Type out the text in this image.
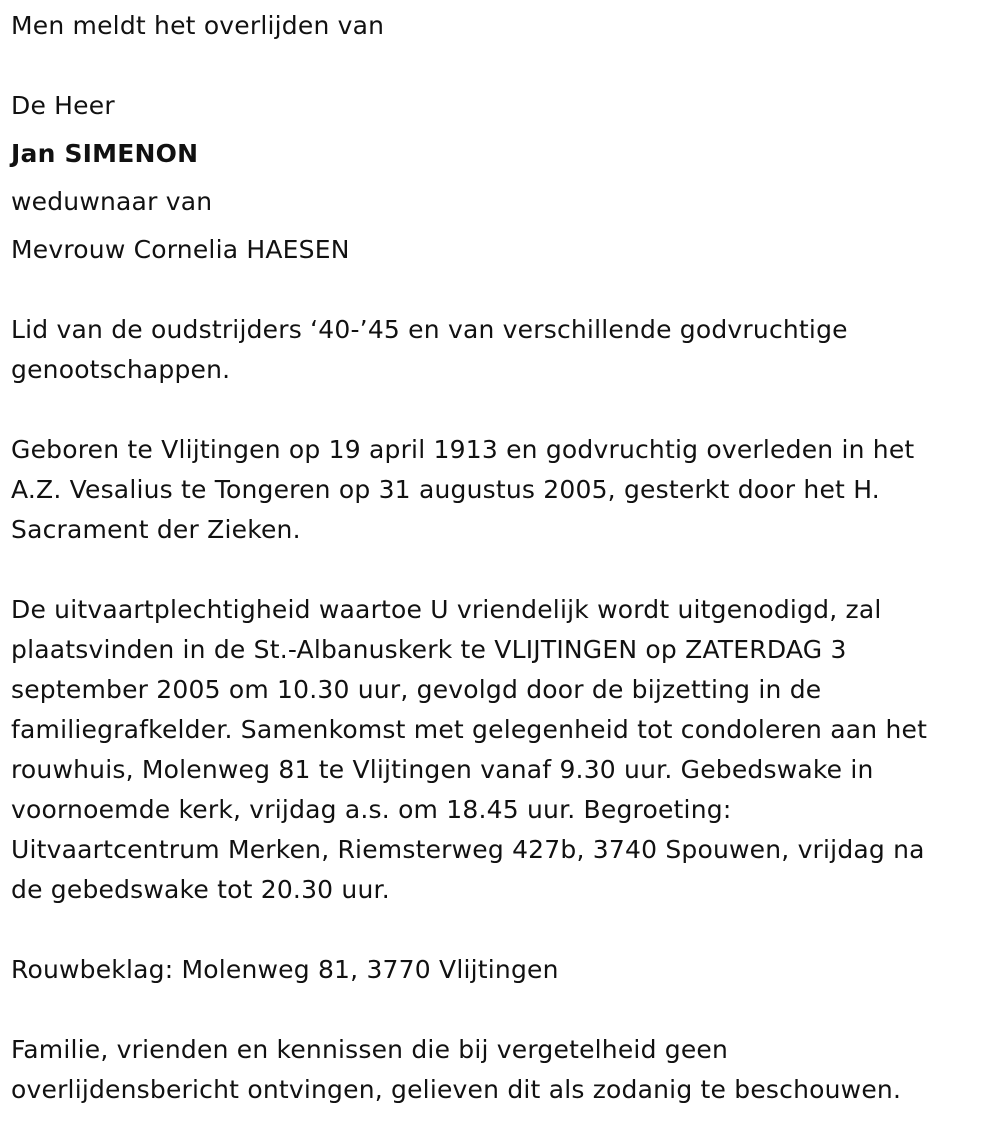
Men meldt het overlijden van
De Heer
Jan SIMENON
weduwnaar van
Mevrouw Cornelia HAESEN
Lid van de oudstrijders ‘40-’45 en van verschillende godvruchtige
genootschappen.
Geboren te Vlijtingen op 19 april 1913 en godvruchtig overleden in het
A.Z. Vesalius te Tongeren op 31 augustus 2005, gesterkt door het H.
Sacrament der Zieken.
De uitvaartplechtigheid waartoe U vriendelijk wordt uitgenodigd, zal
plaatsvinden in de St.-Albanuskerk te VLIJTINGEN op ZATERDAG 3
september 2005 om 10.30 uur, gevolgd door de bijzetting in de
familiegrafkelder. Samenkomst met gelegenheid tot condoleren aan het
rouwhuis, Molenweg 81 te Vlijtingen vanaf 9.30 uur. Gebedswake in
voornoemde kerk, vrijdag a.s. om 18.45 uur. Begroeting:
Uitvaartcentrum Merken, Riemsterweg 427b, 3740 Spouwen, vrijdag na
de gebedswake tot 20.30 uur.
Rouwbeklag: Molenweg 81, 3770 Vlijtingen
Familie, vrienden en kennissen die bij vergetelheid geen
overlijdensbericht ontvingen, gelieven dit als zodanig te beschouwen.
